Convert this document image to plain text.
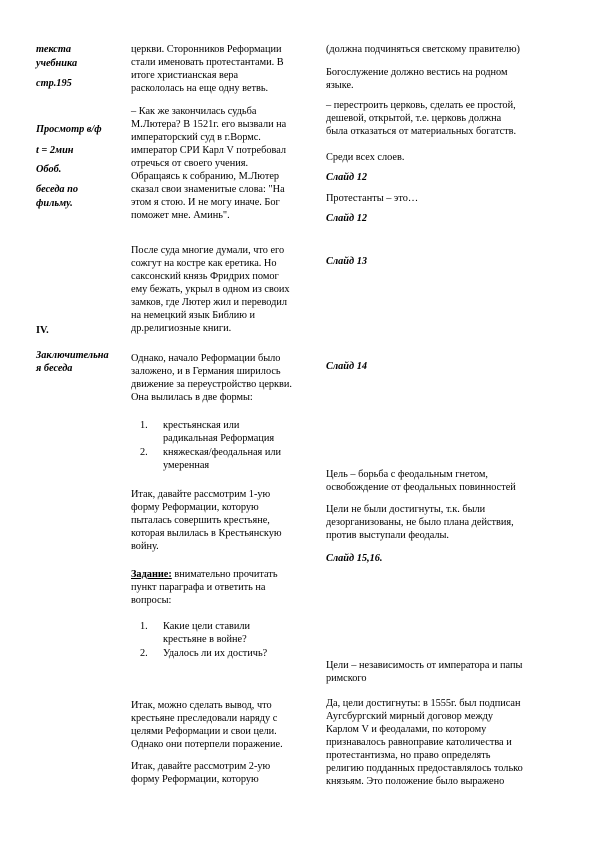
текста
учебника
стр.195
Просмотр в/ф
t = 2мин
Обоб.
беседа по
фильму.
IV.
Заключительна
я беседа
церкви. Сторонников Реформации
стали именовать протестантами. В
итоге христианская вера
раскололась на еще одну ветвь.
– Как же закончилась судьба
М.Лютера? В 1521г. его вызвали на
императорский суд в г.Вормс.
император СРИ Карл V потребовал
отречься от своего учения.
Обращаясь к собранию, М.Лютер
сказал свои знаменитые слова: "На
этом я стою. И не могу иначе. Бог
поможет мне. Аминь".
После суда многие думали, что его
сожгут на костре как еретика. Но
саксонский князь Фридрих помог
ему бежать, укрыл в одном из своих
замков, где Лютер жил и переводил
на немецкий язык Библию и
др.религиозные книги.
Однако, начало Реформации было
заложено, и в Германия ширилось
движение за переустройство церкви.
Она вылилась в две формы:
1. крестьянская или
радикальная Реформация
2. княжеская/феодальная или
умеренная
Итак, давайте рассмотрим 1-ую
форму Реформации, которую
пыталась совершить крестьяне,
которая вылилась в Крестьянскую
войну.
Задание: внимательно прочитать
пункт параграфа и ответить на
вопросы:
1. Какие цели ставили
крестьяне в войне?
2. Удалось ли их достичь?
Итак, можно сделать вывод, что
крестьяне преследовали наряду с
целями Реформации и свои цели.
Однако они потерпели поражение.
Итак, давайте рассмотрим 2-ую
форму Реформации, которую
(должна подчиняться светскому правителю)
Богослужение должно вестись на родном
языке.
– перестроить церковь, сделать ее простой,
дешевой, открытой, т.е. церковь должна
была отказаться от материальных богатств.
Среди всех слоев.
Слайд 12
Протестанты – это…
Слайд 12
Слайд 13
Слайд 14
Цель – борьба с феодальным гнетом,
освобождение от феодальных повинностей
Цели не были достигнуты, т.к. были
дезорганизованы, не было плана действия,
против выступали феодалы.
Слайд 15,16.
Цели – независимость от императора и папы
римского
Да, цели достигнуты: в 1555г. был подписан
Аугсбургский мирный договор между
Карлом V и феодалами, по которому
признавалось равноправие католичества и
протестантизма, но право определять
религию подданных предоставлялось только
князьям. Это положение было выражено
